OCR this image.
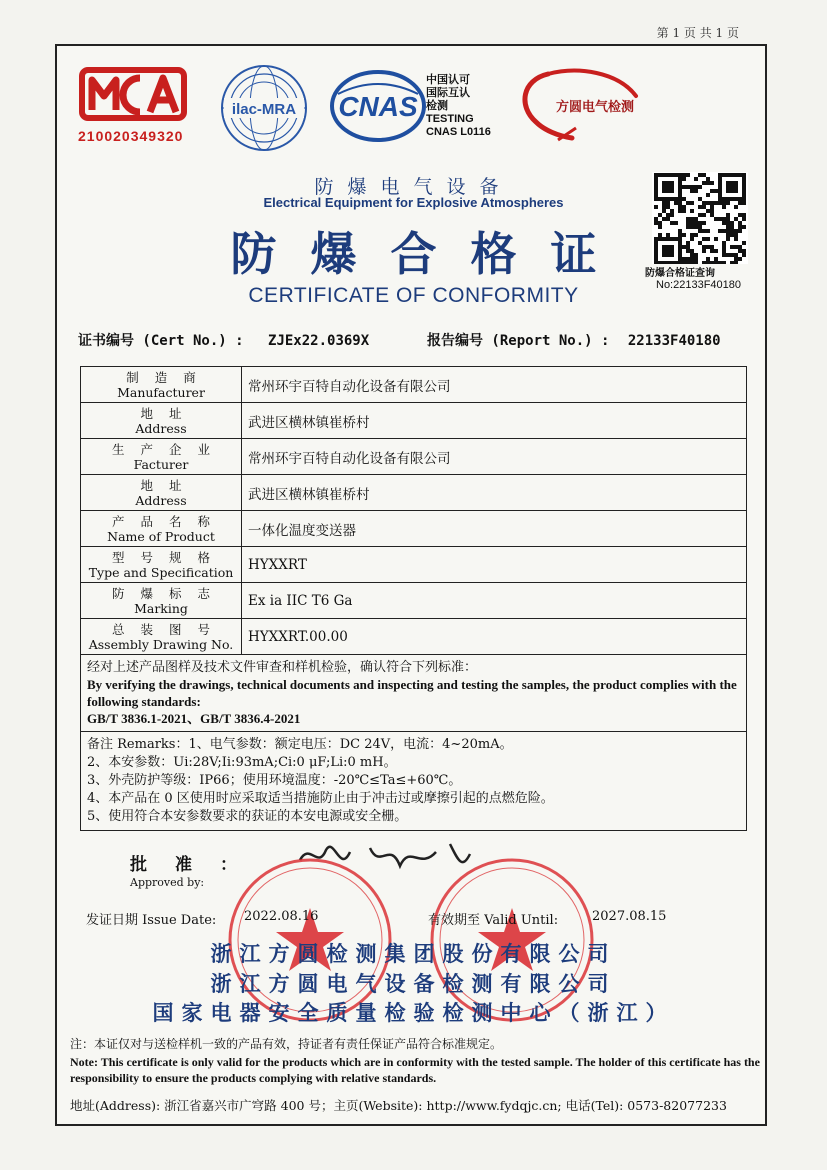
第 1 页 共 1 页
210020349320
ilac-MRA CNAS
中国认可
国际互认
检测
TESTING
CNAS L0116
方圆电气检测
防爆电气设备
Electrical Equipment for Explosive Atmospheres
防爆合格证
CERTIFICATE OF CONFORMITY
防爆合格证查询
No:22133F40180
证书编号 (Cert No.) : ZJEx22.0369X	报告编号 (Report No.) : 22133F40180
制造商
Manufacturer	常州环宇百特自动化设备有限公司

地址
Address	武进区横林镇崔桥村

生产企业
Facturer	常州环宇百特自动化设备有限公司

地址
Address	武进区横林镇崔桥村

产品名称
Name of Product	一体化温度变送器

型号规格
Type and Specification	HYXXRT

防爆标志
Marking	Ex ia IIC T6 Ga

总装图号
Assembly Drawing No.	HYXXRT.00.00

经对上述产品图样及技术文件审查和样机检验，确认符合下列标准：
By verifying the drawings, technical documents and inspecting and testing the samples, the product complies with the following standards:
GB/T 3836.1-2021、GB/T 3836.4-2021	

备注 Remarks：1、电气参数：额定电压：DC 24V，电流：4~20mA。
2、本安参数：Ui:28V;Ii:93mA;Ci:0 μF;Li:0 mH。
3、外壳防护等级：IP66；使用环境温度：-20℃≤Ta≤+60℃。
4、本产品在 0 区使用时应采取适当措施防止由于冲击过或摩擦引起的点燃危险。
5、使用符合本安参数要求的获证的本安电源或安全栅。	
批准：
Approved by:
发证日期 Issue Date: 2022.08.16	有效期至 Valid Until:	2027.08.15
浙江方圆检测集团股份有限公司
浙江方圆电气设备检测有限公司
国家电器安全质量检验检测中心（浙江）
注：本证仅对与送检样机一致的产品有效，持证者有责任保证产品符合标准规定。
Note: This certificate is only valid for the products which are in conformity with the tested sample. The holder of this certificate has the responsibility to ensure the products complying with relative standards.
地址(Address): 浙江省嘉兴市广穹路 400 号；主页(Website): http://www.fydqjc.cn; 电话(Tel): 0573-82077233
